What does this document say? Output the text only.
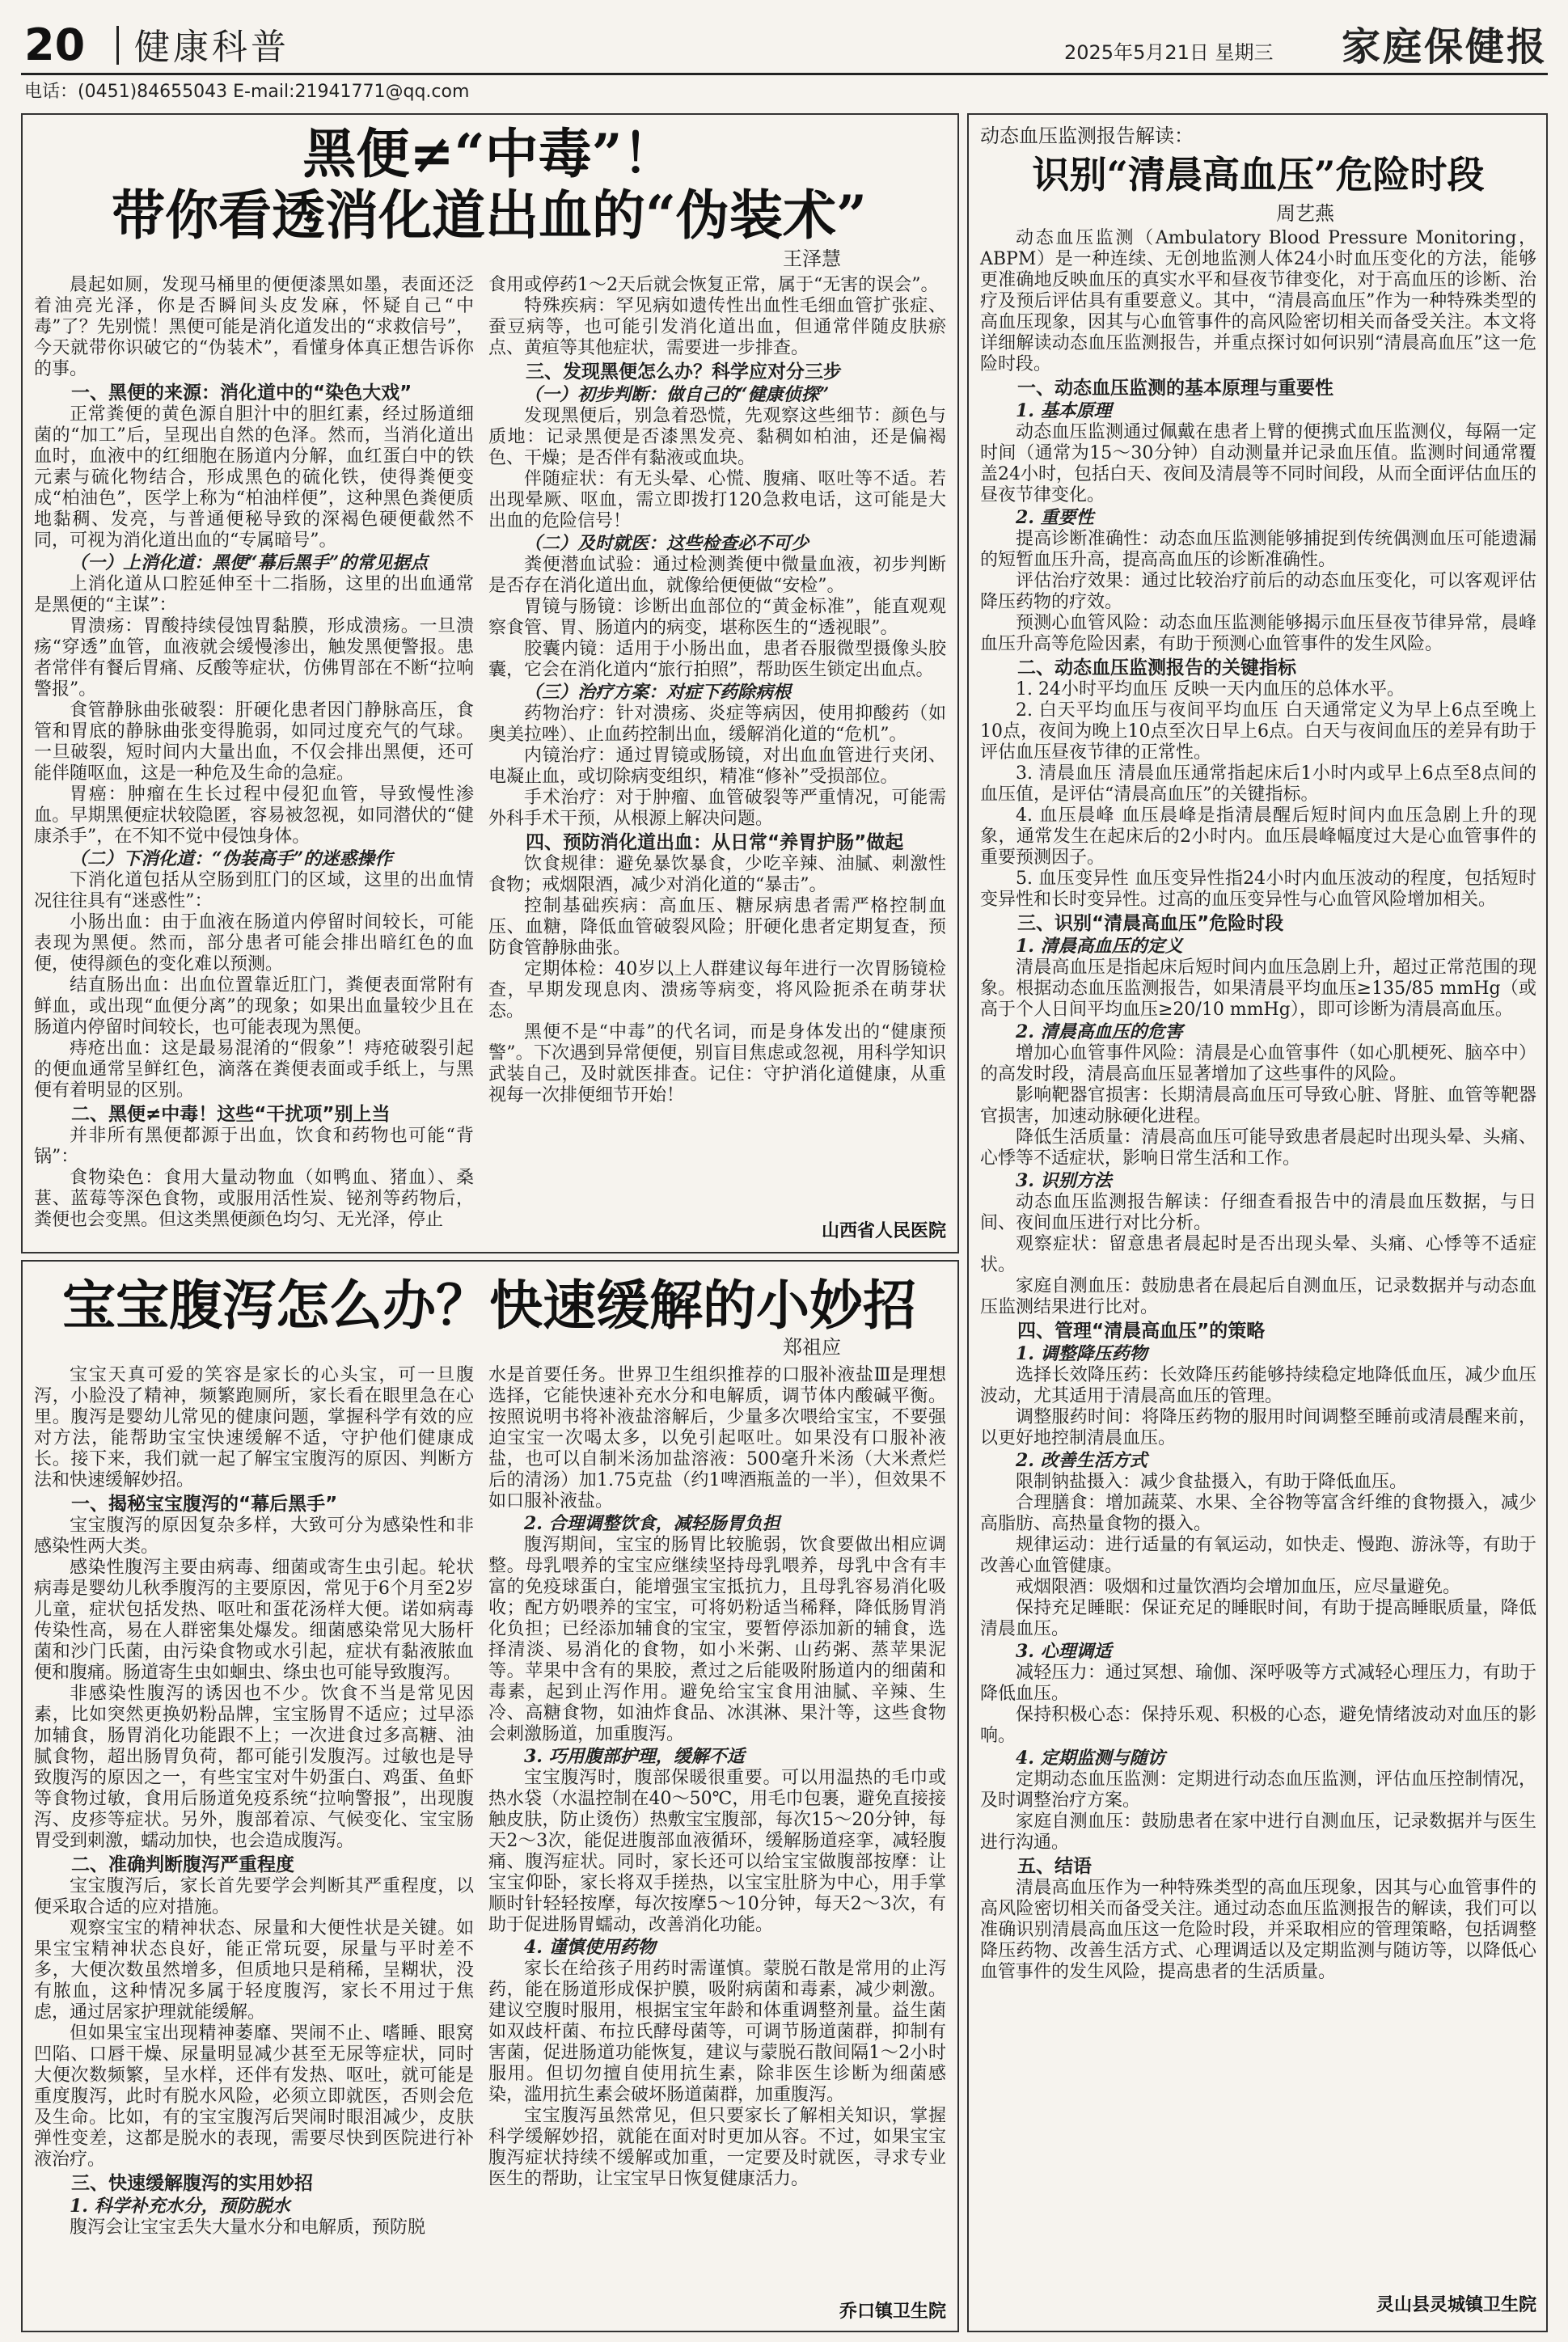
20 健康科普	2025年5月21日 星期三 家庭保健报
电话：(0451)84655043 E-mail:21941771@qq.com
黑便≠“中毒”！
带你看透消化道出血的“伪装术”
王泽慧

晨起如厕，发现马桶里的便便漆黑如墨，表面还泛着油亮光泽，你是否瞬间头皮发麻，怀疑自己“中毒”了？先别慌！黑便可能是消化道发出的“求救信号”，今天就带你识破它的“伪装术”，看懂身体真正想告诉你的事。

一、黑便的来源：消化道中的“染色大戏”

正常粪便的黄色源自胆汁中的胆红素，经过肠道细菌的“加工”后，呈现出自然的色泽。然而，当消化道出血时，血液中的红细胞在肠道内分解，血红蛋白中的铁元素与硫化物结合，形成黑色的硫化铁，使得粪便变成“柏油色”，医学上称为“柏油样便”，这种黑色粪便质地黏稠、发亮，与普通便秘导致的深褐色硬便截然不同，可视为消化道出血的“专属暗号”。

（一）上消化道：黑便“幕后黑手”的常见据点

上消化道从口腔延伸至十二指肠，这里的出血通常是黑便的“主谋”：

胃溃疡：胃酸持续侵蚀胃黏膜，形成溃疡。一旦溃疡“穿透”血管，血液就会缓慢渗出，触发黑便警报。患者常伴有餐后胃痛、反酸等症状，仿佛胃部在不断“拉响警报”。

食管静脉曲张破裂：肝硬化患者因门静脉高压，食管和胃底的静脉曲张变得脆弱，如同过度充气的气球。一旦破裂，短时间内大量出血，不仅会排出黑便，还可能伴随呕血，这是一种危及生命的急症。

胃癌：肿瘤在生长过程中侵犯血管，导致慢性渗血。早期黑便症状较隐匿，容易被忽视，如同潜伏的“健康杀手”，在不知不觉中侵蚀身体。

（二）下消化道：“伪装高手”的迷惑操作

下消化道包括从空肠到肛门的区域，这里的出血情况往往具有“迷惑性”：

小肠出血：由于血液在肠道内停留时间较长，可能表现为黑便。然而，部分患者可能会排出暗红色的血便，使得颜色的变化难以预测。

结直肠出血：出血位置靠近肛门，粪便表面常附有鲜血，或出现“血便分离”的现象；如果出血量较少且在肠道内停留时间较长，也可能表现为黑便。

痔疮出血：这是最易混淆的“假象”！痔疮破裂引起的便血通常呈鲜红色，滴落在粪便表面或手纸上，与黑便有着明显的区别。

二、黑便≠中毒！这些“干扰项”别上当

并非所有黑便都源于出血，饮食和药物也可能“背锅”：

食物染色：食用大量动物血（如鸭血、猪血）、桑葚、蓝莓等深色食物，或服用活性炭、铋剂等药物后，粪便也会变黑。但这类黑便颜色均匀、无光泽，停止

食用或停药1～2天后就会恢复正常，属于“无害的误会”。

特殊疾病：罕见病如遗传性出血性毛细血管扩张症、蚕豆病等，也可能引发消化道出血，但通常伴随皮肤瘀点、黄疸等其他症状，需要进一步排查。

三、发现黑便怎么办？科学应对分三步
（一）初步判断：做自己的“健康侦探”

发现黑便后，别急着恐慌，先观察这些细节：颜色与质地：记录黑便是否漆黑发亮、黏稠如柏油，还是偏褐色、干燥；是否伴有黏液或血块。

伴随症状：有无头晕、心慌、腹痛、呕吐等不适。若出现晕厥、呕血，需立即拨打120急救电话，这可能是大出血的危险信号！

（二）及时就医：这些检查必不可少

粪便潜血试验：通过检测粪便中微量血液，初步判断是否存在消化道出血，就像给便便做“安检”。

胃镜与肠镜：诊断出血部位的“黄金标准”，能直观观察食管、胃、肠道内的病变，堪称医生的“透视眼”。

胶囊内镜：适用于小肠出血，患者吞服微型摄像头胶囊，它会在消化道内“旅行拍照”，帮助医生锁定出血点。

（三）治疗方案：对症下药除病根

药物治疗：针对溃疡、炎症等病因，使用抑酸药（如奥美拉唑）、止血药控制出血，缓解消化道的“危机”。

内镜治疗：通过胃镜或肠镜，对出血血管进行夹闭、电凝止血，或切除病变组织，精准“修补”受损部位。

手术治疗：对于肿瘤、血管破裂等严重情况，可能需外科手术干预，从根源上解决问题。

四、预防消化道出血：从日常“养胃护肠”做起

饮食规律：避免暴饮暴食，少吃辛辣、油腻、刺激性食物；戒烟限酒，减少对消化道的“暴击”。

控制基础疾病：高血压、糖尿病患者需严格控制血压、血糖，降低血管破裂风险；肝硬化患者定期复查，预防食管静脉曲张。

定期体检：40岁以上人群建议每年进行一次胃肠镜检查，早期发现息肉、溃疡等病变，将风险扼杀在萌芽状态。

黑便不是“中毒”的代名词，而是身体发出的“健康预警”。下次遇到异常便便，别盲目焦虑或忽视，用科学知识武装自己，及时就医排查。记住：守护消化道健康，从重视每一次排便细节开始！

山西省人民医院
宝宝腹泻怎么办？快速缓解的小妙招
郑祖应

宝宝天真可爱的笑容是家长的心头宝，可一旦腹泻，小脸没了精神，频繁跑厕所，家长看在眼里急在心里。腹泻是婴幼儿常见的健康问题，掌握科学有效的应对方法，能帮助宝宝快速缓解不适，守护他们健康成长。接下来，我们就一起了解宝宝腹泻的原因、判断方法和快速缓解妙招。

一、揭秘宝宝腹泻的“幕后黑手”

宝宝腹泻的原因复杂多样，大致可分为感染性和非感染性两大类。

感染性腹泻主要由病毒、细菌或寄生虫引起。轮状病毒是婴幼儿秋季腹泻的主要原因，常见于6个月至2岁儿童，症状包括发热、呕吐和蛋花汤样大便。诺如病毒传染性高，易在人群密集处爆发。细菌感染常见大肠杆菌和沙门氏菌，由污染食物或水引起，症状有黏液脓血便和腹痛。肠道寄生虫如蛔虫、绦虫也可能导致腹泻。

非感染性腹泻的诱因也不少。饮食不当是常见因素，比如突然更换奶粉品牌，宝宝肠胃不适应；过早添加辅食，肠胃消化功能跟不上；一次进食过多高糖、油腻食物，超出肠胃负荷，都可能引发腹泻。过敏也是导致腹泻的原因之一，有些宝宝对牛奶蛋白、鸡蛋、鱼虾等食物过敏，食用后肠道免疫系统“拉响警报”，出现腹泻、皮疹等症状。另外，腹部着凉、气候变化、宝宝肠胃受到刺激，蠕动加快，也会造成腹泻。

二、准确判断腹泻严重程度

宝宝腹泻后，家长首先要学会判断其严重程度，以便采取合适的应对措施。

观察宝宝的精神状态、尿量和大便性状是关键。如果宝宝精神状态良好，能正常玩耍，尿量与平时差不多，大便次数虽然增多，但质地只是稍稀，呈糊状，没有脓血，这种情况多属于轻度腹泻，家长不用过于焦虑，通过居家护理就能缓解。

但如果宝宝出现精神萎靡、哭闹不止、嗜睡、眼窝凹陷、口唇干燥、尿量明显减少甚至无尿等症状，同时大便次数频繁，呈水样，还伴有发热、呕吐，就可能是重度腹泻，此时有脱水风险，必须立即就医，否则会危及生命。比如，有的宝宝腹泻后哭闹时眼泪减少，皮肤弹性变差，这都是脱水的表现，需要尽快到医院进行补液治疗。

三、快速缓解腹泻的实用妙招
1. 科学补充水分，预防脱水

腹泻会让宝宝丢失大量水分和电解质，预防脱

水是首要任务。世界卫生组织推荐的口服补液盐Ⅲ是理想选择，它能快速补充水分和电解质，调节体内酸碱平衡。按照说明书将补液盐溶解后，少量多次喂给宝宝，不要强迫宝宝一次喝太多，以免引起呕吐。如果没有口服补液盐，也可以自制米汤加盐溶液：500毫升米汤（大米煮烂后的清汤）加1.75克盐（约1啤酒瓶盖的一半），但效果不如口服补液盐。

2. 合理调整饮食，减轻肠胃负担

腹泻期间，宝宝的肠胃比较脆弱，饮食要做出相应调整。母乳喂养的宝宝应继续坚持母乳喂养，母乳中含有丰富的免疫球蛋白，能增强宝宝抵抗力，且母乳容易消化吸收；配方奶喂养的宝宝，可将奶粉适当稀释，降低肠胃消化负担；已经添加辅食的宝宝，要暂停添加新的辅食，选择清淡、易消化的食物，如小米粥、山药粥、蒸苹果泥等。苹果中含有的果胶，煮过之后能吸附肠道内的细菌和毒素，起到止泻作用。避免给宝宝食用油腻、辛辣、生冷、高糖食物，如油炸食品、冰淇淋、果汁等，这些食物会刺激肠道，加重腹泻。

3. 巧用腹部护理，缓解不适

宝宝腹泻时，腹部保暖很重要。可以用温热的毛巾或热水袋（水温控制在40～50℃，用毛巾包裹，避免直接接触皮肤，防止烫伤）热敷宝宝腹部，每次15～20分钟，每天2～3次，能促进腹部血液循环，缓解肠道痉挛，减轻腹痛、腹泻症状。同时，家长还可以给宝宝做腹部按摩：让宝宝仰卧，家长将双手搓热，以宝宝肚脐为中心，用手掌顺时针轻轻按摩，每次按摩5～10分钟，每天2～3次，有助于促进肠胃蠕动，改善消化功能。

4. 谨慎使用药物

家长在给孩子用药时需谨慎。蒙脱石散是常用的止泻药，能在肠道形成保护膜，吸附病菌和毒素，减少刺激。建议空腹时服用，根据宝宝年龄和体重调整剂量。益生菌如双歧杆菌、布拉氏酵母菌等，可调节肠道菌群，抑制有害菌，促进肠道功能恢复，建议与蒙脱石散间隔1～2小时服用。但切勿擅自使用抗生素，除非医生诊断为细菌感染，滥用抗生素会破坏肠道菌群，加重腹泻。

宝宝腹泻虽然常见，但只要家长了解相关知识，掌握科学缓解妙招，就能在面对时更加从容。不过，如果宝宝腹泻症状持续不缓解或加重，一定要及时就医，寻求专业医生的帮助，让宝宝早日恢复健康活力。

乔口镇卫生院
动态血压监测报告解读：
识别“清晨高血压”危险时段
周艺燕

动态血压监测（Ambulatory Blood Pressure Monitoring，ABPM）是一种连续、无创地监测人体24小时血压变化的方法，能够更准确地反映血压的真实水平和昼夜节律变化，对于高血压的诊断、治疗及预后评估具有重要意义。其中，“清晨高血压”作为一种特殊类型的高血压现象，因其与心血管事件的高风险密切相关而备受关注。本文将详细解读动态血压监测报告，并重点探讨如何识别“清晨高血压”这一危险时段。

一、动态血压监测的基本原理与重要性
1. 基本原理

动态血压监测通过佩戴在患者上臂的便携式血压监测仪，每隔一定时间（通常为15～30分钟）自动测量并记录血压值。监测时间通常覆盖24小时，包括白天、夜间及清晨等不同时间段，从而全面评估血压的昼夜节律变化。

2. 重要性

提高诊断准确性：动态血压监测能够捕捉到传统偶测血压可能遗漏的短暂血压升高，提高高血压的诊断准确性。

评估治疗效果：通过比较治疗前后的动态血压变化，可以客观评估降压药物的疗效。

预测心血管风险：动态血压监测能够揭示血压昼夜节律异常，晨峰血压升高等危险因素，有助于预测心血管事件的发生风险。

二、动态血压监测报告的关键指标

1. 24小时平均血压 反映一天内血压的总体水平。

2. 白天平均血压与夜间平均血压 白天通常定义为早上6点至晚上10点，夜间为晚上10点至次日早上6点。白天与夜间血压的差异有助于评估血压昼夜节律的正常性。

3. 清晨血压 清晨血压通常指起床后1小时内或早上6点至8点间的血压值，是评估“清晨高血压”的关键指标。

4. 血压晨峰 血压晨峰是指清晨醒后短时间内血压急剧上升的现象，通常发生在起床后的2小时内。血压晨峰幅度过大是心血管事件的重要预测因子。

5. 血压变异性 血压变异性指24小时内血压波动的程度，包括短时变异性和长时变异性。过高的血压变异性与心血管风险增加相关。

三、识别“清晨高血压”危险时段
1. 清晨高血压的定义

清晨高血压是指起床后短时间内血压急剧上升，超过正常范围的现象。根据动态血压监测报告，如果清晨平均血压≥135/85 mmHg（或高于个人日间平均血压≥20/10 mmHg），即可诊断为清晨高血压。

2. 清晨高血压的危害

增加心血管事件风险：清晨是心血管事件（如心肌梗死、脑卒中）的高发时段，清晨高血压显著增加了这些事件的风险。

影响靶器官损害：长期清晨高血压可导致心脏、肾脏、血管等靶器官损害，加速动脉硬化进程。

降低生活质量：清晨高血压可能导致患者晨起时出现头晕、头痛、心悸等不适症状，影响日常生活和工作。

3. 识别方法

动态血压监测报告解读：仔细查看报告中的清晨血压数据，与日间、夜间血压进行对比分析。

观察症状：留意患者晨起时是否出现头晕、头痛、心悸等不适症状。

家庭自测血压：鼓励患者在晨起后自测血压，记录数据并与动态血压监测结果进行比对。

四、管理“清晨高血压”的策略
1. 调整降压药物

选择长效降压药：长效降压药能够持续稳定地降低血压，减少血压波动，尤其适用于清晨高血压的管理。

调整服药时间：将降压药物的服用时间调整至睡前或清晨醒来前，以更好地控制清晨血压。

2. 改善生活方式

限制钠盐摄入：减少食盐摄入，有助于降低血压。

合理膳食：增加蔬菜、水果、全谷物等富含纤维的食物摄入，减少高脂肪、高热量食物的摄入。

规律运动：进行适量的有氧运动，如快走、慢跑、游泳等，有助于改善心血管健康。

戒烟限酒：吸烟和过量饮酒均会增加血压，应尽量避免。

保持充足睡眠：保证充足的睡眠时间，有助于提高睡眠质量，降低清晨血压。

3. 心理调适

减轻压力：通过冥想、瑜伽、深呼吸等方式减轻心理压力，有助于降低血压。

保持积极心态：保持乐观、积极的心态，避免情绪波动对血压的影响。

4. 定期监测与随访

定期动态血压监测：定期进行动态血压监测，评估血压控制情况，及时调整治疗方案。

家庭自测血压：鼓励患者在家中进行自测血压，记录数据并与医生进行沟通。

五、结语

清晨高血压作为一种特殊类型的高血压现象，因其与心血管事件的高风险密切相关而备受关注。通过动态血压监测报告的解读，我们可以准确识别清晨高血压这一危险时段，并采取相应的管理策略，包括调整降压药物、改善生活方式、心理调适以及定期监测与随访等，以降低心血管事件的发生风险，提高患者的生活质量。

灵山县灵城镇卫生院
